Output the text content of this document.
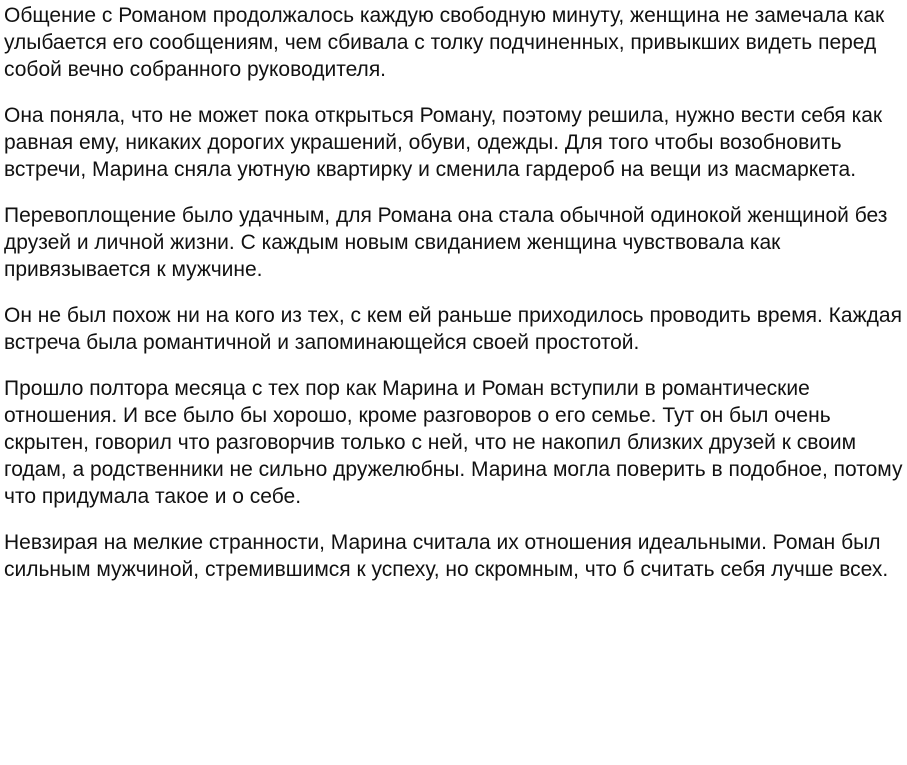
Общение с Романом продолжалось каждую свободную минуту, женщина не замечала как улыбается его сообщениям, чем сбивала с толку подчиненных, привыкших видеть перед собой вечно собранного руководителя.

Она поняла, что не может пока открыться Роману, поэтому решила, нужно вести себя как равная ему, никаких дорогих украшений, обуви, одежды. Для того чтобы возобновить встречи, Марина сняла уютную квартирку и сменила гардероб на вещи из масмаркета.

Перевоплощение было удачным, для Романа она стала обычной одинокой женщиной без друзей и личной жизни. С каждым новым свиданием женщина чувствовала как привязывается к мужчине.

Он не был похож ни на кого из тех, с кем ей раньше приходилось проводить время. Каждая встреча была романтичной и запоминающейся своей простотой.

Прошло полтора месяца с тех пор как Марина и Роман вступили в романтические отношения. И все было бы хорошо, кроме разговоров о его семье. Тут он был очень скрытен, говорил что разговорчив только с ней, что не накопил близких друзей к своим годам, а родственники не сильно дружелюбны. Марина могла поверить в подобное, потому что придумала такое и о себе.

Невзирая на мелкие странности, Марина считала их отношения идеальными. Роман был сильным мужчиной, стремившимся к успеху, но скромным, что б считать себя лучше всех.
